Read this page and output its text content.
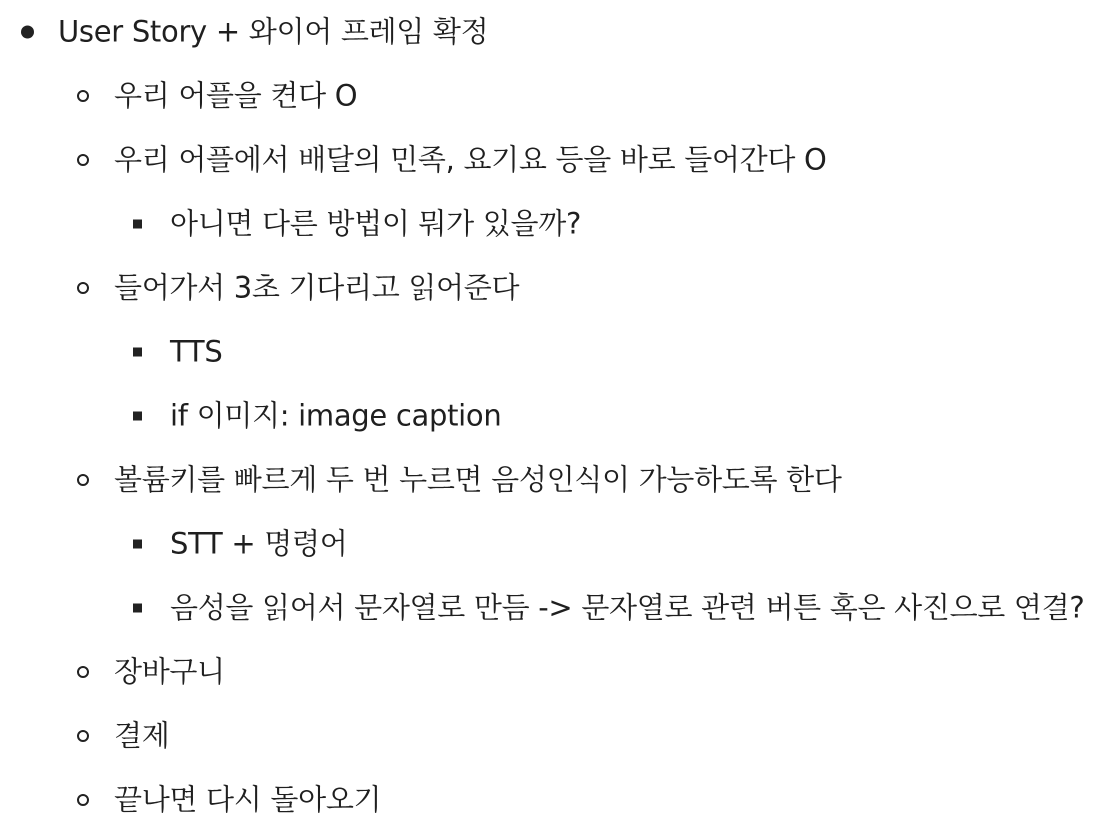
User Story + 와이어 프레임 확정
우리 어플을 켠다 O
우리 어플에서 배달의 민족, 요기요 등을 바로 들어간다 O
아니면 다른 방법이 뭐가 있을까?
들어가서 3초 기다리고 읽어준다
TTS
if 이미지: image caption
볼륨키를 빠르게 두 번 누르면 음성인식이 가능하도록 한다
STT + 명령어
음성을 읽어서 문자열로 만듬 -> 문자열로 관련 버튼 혹은 사진으로 연결?
장바구니
결제
끝나면 다시 돌아오기
